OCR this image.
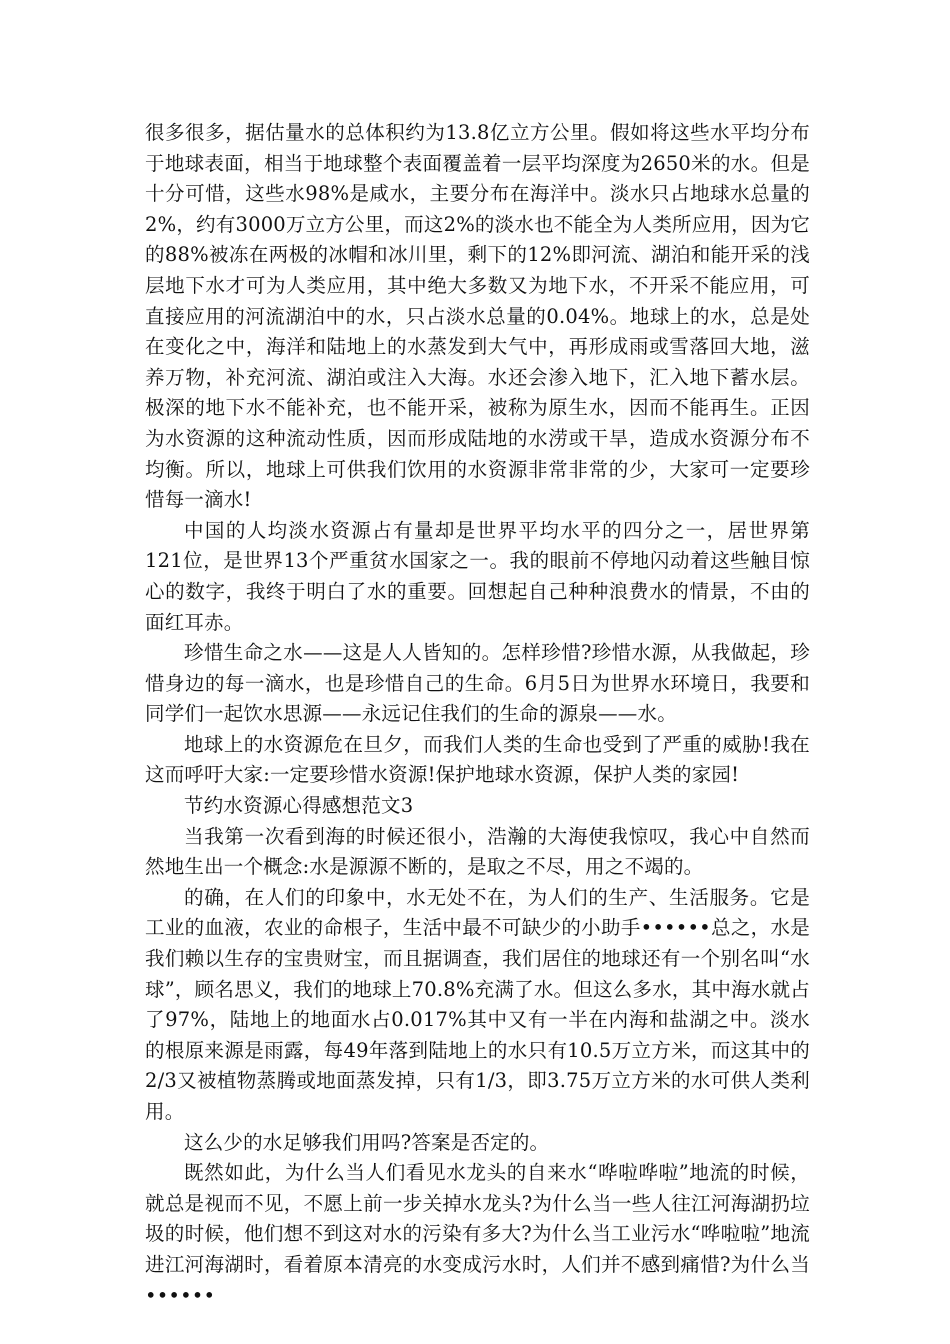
很多很多，据估量水的总体积约为13.8亿立方公里。假如将这些水平均分布于地球表面，相当于地球整个表面覆盖着一层平均深度为2650米的水。但是十分可惜，这些水98%是咸水，主要分布在海洋中。淡水只占地球水总量的2%，约有3000万立方公里，而这2%的淡水也不能全为人类所应用，因为它的88%被冻在两极的冰帽和冰川里，剩下的12%即河流、湖泊和能开采的浅层地下水才可为人类应用，其中绝大多数又为地下水，不开采不能应用，可直接应用的河流湖泊中的水，只占淡水总量的0.04%。地球上的水，总是处在变化之中，海洋和陆地上的水蒸发到大气中，再形成雨或雪落回大地，滋养万物，补充河流、湖泊或注入大海。水还会渗入地下，汇入地下蓄水层。极深的地下水不能补充，也不能开采，被称为原生水，因而不能再生。正因为水资源的这种流动性质，因而形成陆地的水涝或干旱，造成水资源分布不均衡。所以，地球上可供我们饮用的水资源非常非常的少，大家可一定要珍惜每一滴水!

中国的人均淡水资源占有量却是世界平均水平的四分之一，居世界第121位，是世界13个严重贫水国家之一。我的眼前不停地闪动着这些触目惊心的数字，我终于明白了水的重要。回想起自己种种浪费水的情景，不由的面红耳赤。

珍惜生命之水——这是人人皆知的。怎样珍惜?珍惜水源，从我做起，珍惜身边的每一滴水，也是珍惜自己的生命。6月5日为世界水环境日，我要和同学们一起饮水思源——永远记住我们的生命的源泉——水。

地球上的水资源危在旦夕，而我们人类的生命也受到了严重的威胁!我在这而呼吁大家:一定要珍惜水资源!保护地球水资源，保护人类的家园!

节约水资源心得感想范文3

当我第一次看到海的时候还很小，浩瀚的大海使我惊叹，我心中自然而然地生出一个概念:水是源源不断的，是取之不尽，用之不竭的。

的确，在人们的印象中，水无处不在，为人们的生产、生活服务。它是工业的血液，农业的命根子，生活中最不可缺少的小助手••••••总之，水是我们赖以生存的宝贵财宝，而且据调查，我们居住的地球还有一个别名叫“水球”，顾名思义，我们的地球上70.8%充满了水。但这么多水，其中海水就占了97%，陆地上的地面水占0.017%其中又有一半在内海和盐湖之中。淡水的根原来源是雨露，每49年落到陆地上的水只有10.5万立方米，而这其中的2/3又被植物蒸腾或地面蒸发掉，只有1/3，即3.75万立方米的水可供人类利用。

这么少的水足够我们用吗?答案是否定的。

既然如此，为什么当人们看见水龙头的自来水“哗啦哗啦”地流的时候，就总是视而不见，不愿上前一步关掉水龙头?为什么当一些人往江河海湖扔垃圾的时候，他们想不到这对水的污染有多大?为什么当工业污水“哗啦啦”地流进江河海湖时，看着原本清亮的水变成污水时，人们并不感到痛惜?为什么当••••••
